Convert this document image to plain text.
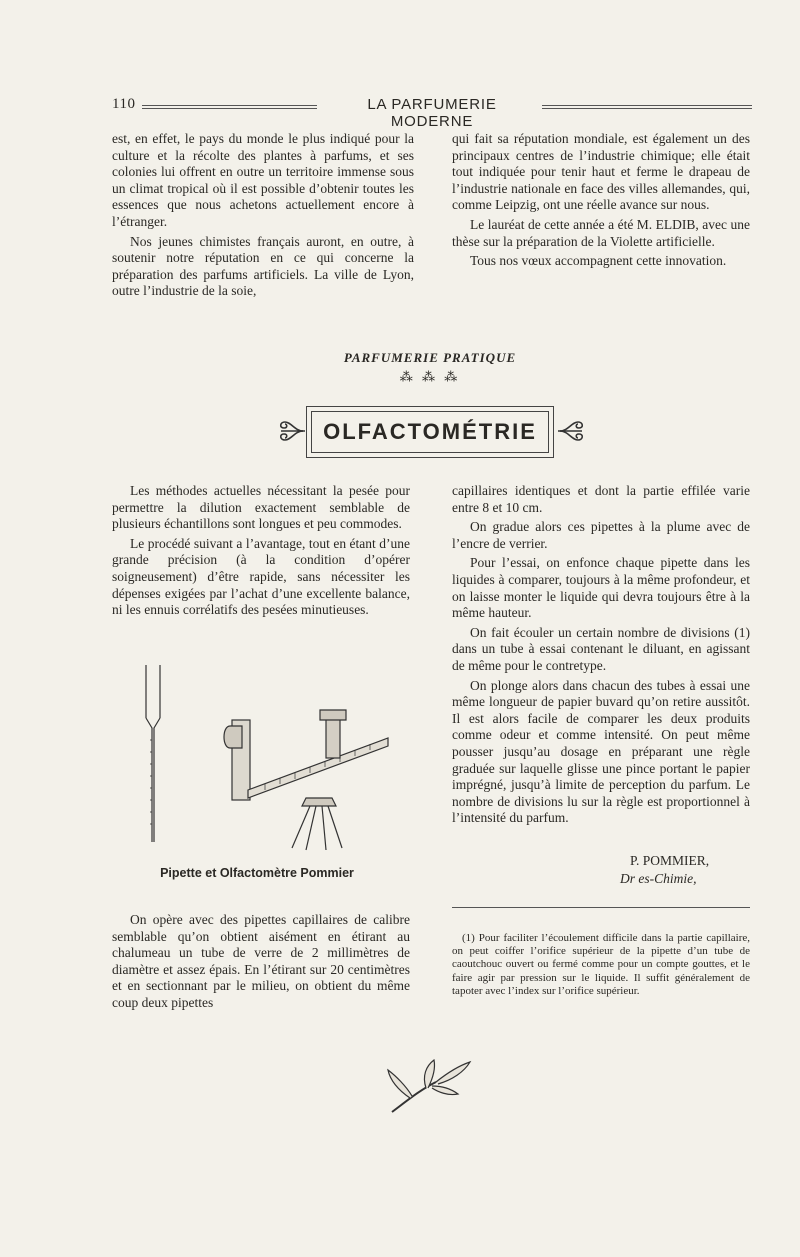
110	LA PARFUMERIE MODERNE

est, en effet, le pays du monde le plus indiqué pour la culture et la récolte des plantes à parfums, et ses colonies lui offrent en outre un territoire immense sous un climat tropical où il est possible d’obtenir toutes les essences que nous achetons actuellement encore à l’étranger.

Nos jeunes chimistes français auront, en outre, à soutenir notre réputation en ce qui concerne la préparation des parfums artificiels. La ville de Lyon, outre l’industrie de la soie,

qui fait sa réputation mondiale, est également un des principaux centres de l’industrie chimique; elle était tout indiquée pour tenir haut et ferme le drapeau de l’industrie nationale en face des villes allemandes, qui, comme Leipzig, ont une réelle avance sur nous.

Le lauréat de cette année a été M. ELDIB, avec une thèse sur la préparation de la Violette artificielle.

Tous nos vœux accompagnent cette innovation.

PARFUMERIE PRATIQUE
⁂ ⁂ ⁂
OLFACTOMÉTRIE

Les méthodes actuelles nécessitant la pesée pour permettre la dilution exactement semblable de plusieurs échantillons sont longues et peu commodes.

Le procédé suivant a l’avantage, tout en étant d’une grande précision (à la condition d’opérer soigneusement) d’être rapide, sans nécessiter les dépenses exigées par l’achat d’une excellente balance, ni les ennuis corrélatifs des pesées minutieuses.

Pipette et Olfactomètre Pommier

capillaires identiques et dont la partie effilée varie entre 8 et 10 cm.

On gradue alors ces pipettes à la plume avec de l’encre de verrier.

Pour l’essai, on enfonce chaque pipette dans les liquides à comparer, toujours à la même profondeur, et on laisse monter le liquide qui devra toujours être à la même hauteur.

On fait écouler un certain nombre de divisions (1) dans un tube à essai contenant le diluant, en agissant de même pour le contretype.

On plonge alors dans chacun des tubes à essai une même longueur de papier buvard qu’on retire aussitôt. Il est alors facile de comparer les deux produits comme odeur et comme intensité. On peut même pousser jusqu’au dosage en préparant une règle graduée sur laquelle glisse une pince portant le papier imprégné, jusqu’à limite de perception du parfum. Le nombre de divisions lu sur la règle est proportionnel à l’intensité du parfum.

P. POMMIER,
Dr es-Chimie,

On opère avec des pipettes capillaires de calibre semblable qu’on obtient aisément en étirant au chalumeau un tube de verre de 2 millimètres de diamètre et assez épais. En l’étirant sur 20 centimètres et en sectionnant par le milieu, on obtient du même coup deux pipettes

(1) Pour faciliter l’écoulement difficile dans la partie capillaire, on peut coiffer l’orifice supérieur de la pipette d’un tube de caoutchouc ouvert ou fermé comme pour un compte gouttes, et le faire agir par pression sur le liquide. Il suffit généralement de tapoter avec l’index sur l’orifice supérieur.
